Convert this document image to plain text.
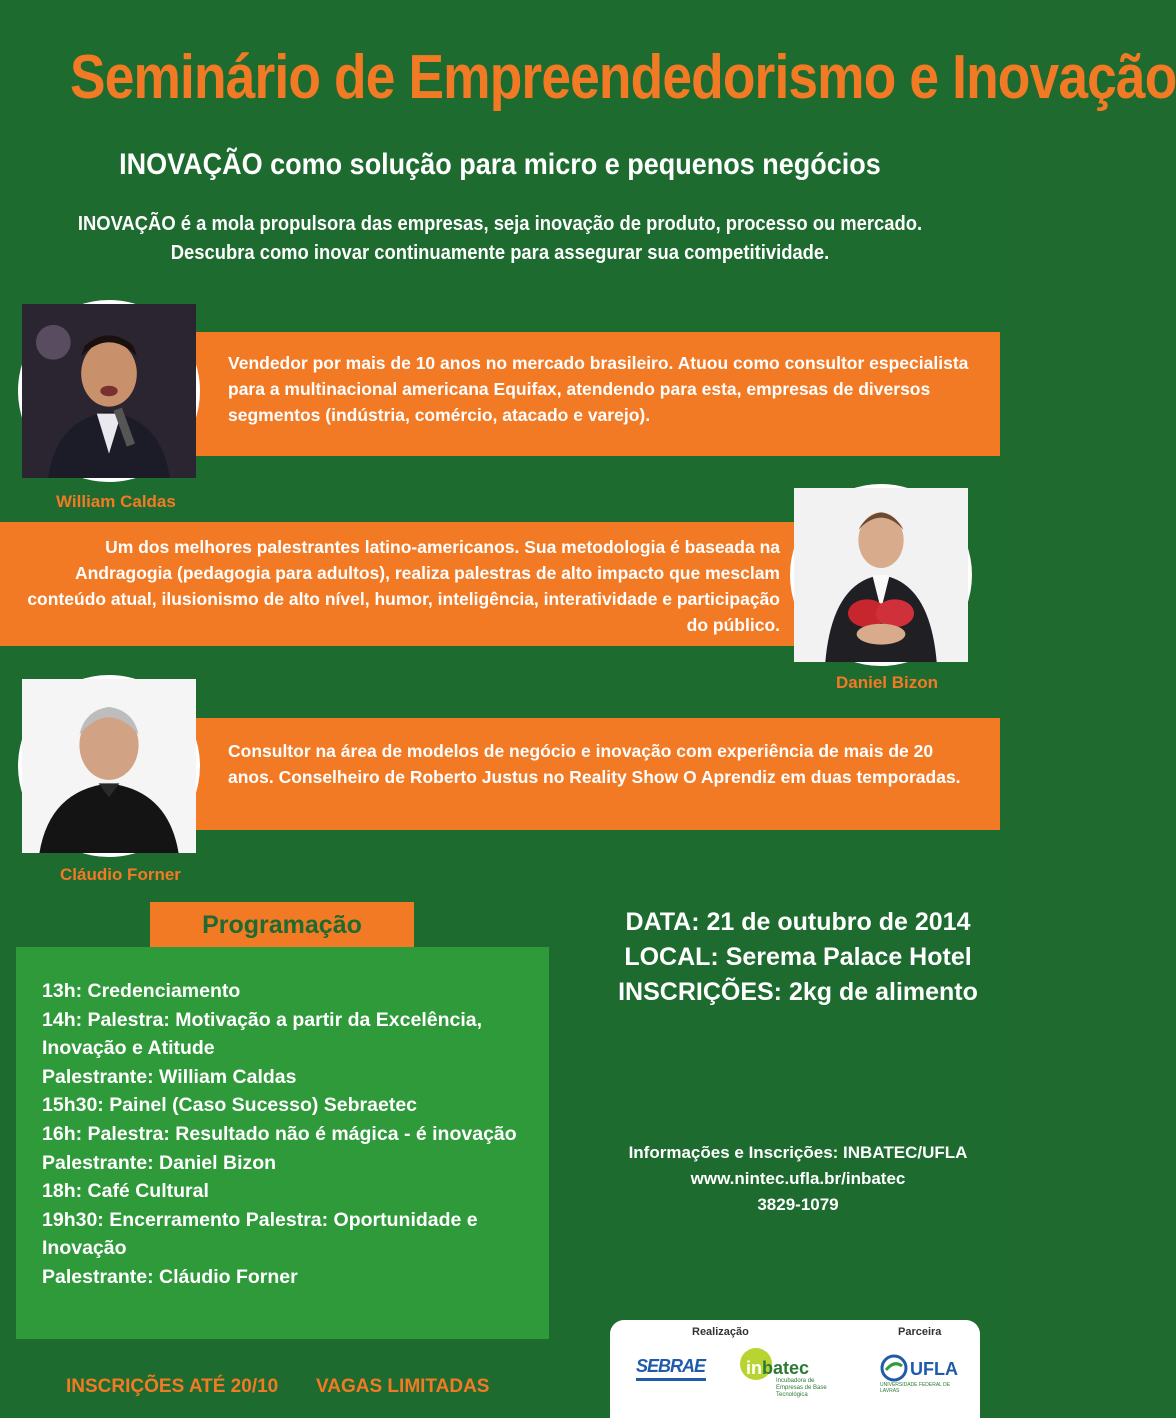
Seminário de Empreendedorismo e Inovação
INOVAÇÃO como solução para micro e pequenos negócios
INOVAÇÃO é a mola propulsora das empresas, seja inovação de produto, processo ou mercado.
Descubra como inovar continuamente para assegurar sua competitividade.
Vendedor por mais de 10 anos no mercado brasileiro. Atuou como consultor especialista para a multinacional americana Equifax, atendendo para esta, empresas de diversos segmentos (indústria, comércio, atacado e varejo).
William Caldas
Um dos melhores palestrantes latino-americanos. Sua metodologia é baseada na Andragogia (pedagogia para adultos), realiza palestras de alto impacto que mesclam conteúdo atual, ilusionismo de alto nível, humor, inteligência, interatividade e participação do público.
Daniel Bizon
Consultor na área de modelos de negócio e inovação com experiência de mais de 20 anos. Conselheiro de Roberto Justus no Reality Show O Aprendiz em duas temporadas.
Cláudio Forner
Programação
13h: Credenciamento
14h: Palestra: Motivação a partir da Excelência,
Inovação e Atitude
Palestrante: William Caldas
15h30: Painel (Caso Sucesso) Sebraetec
16h: Palestra: Resultado não é mágica - é inovação
Palestrante: Daniel Bizon
18h: Café Cultural
19h30: Encerramento Palestra: Oportunidade e
Inovação
Palestrante: Cláudio Forner
DATA: 21 de outubro de 2014
LOCAL: Serema Palace Hotel
INSCRIÇÕES: 2kg de alimento
Informações e Inscrições: INBATEC/UFLA
www.nintec.ufla.br/inbatec
3829-1079
INSCRIÇÕES ATÉ 20/10 VAGAS LIMITADAS
Realização	Parceira
SEBRAE	inbatec
Incubadora de Empresas de Base Tecnológica
UFLA
UNIVERSIDADE FEDERAL DE LAVRAS
